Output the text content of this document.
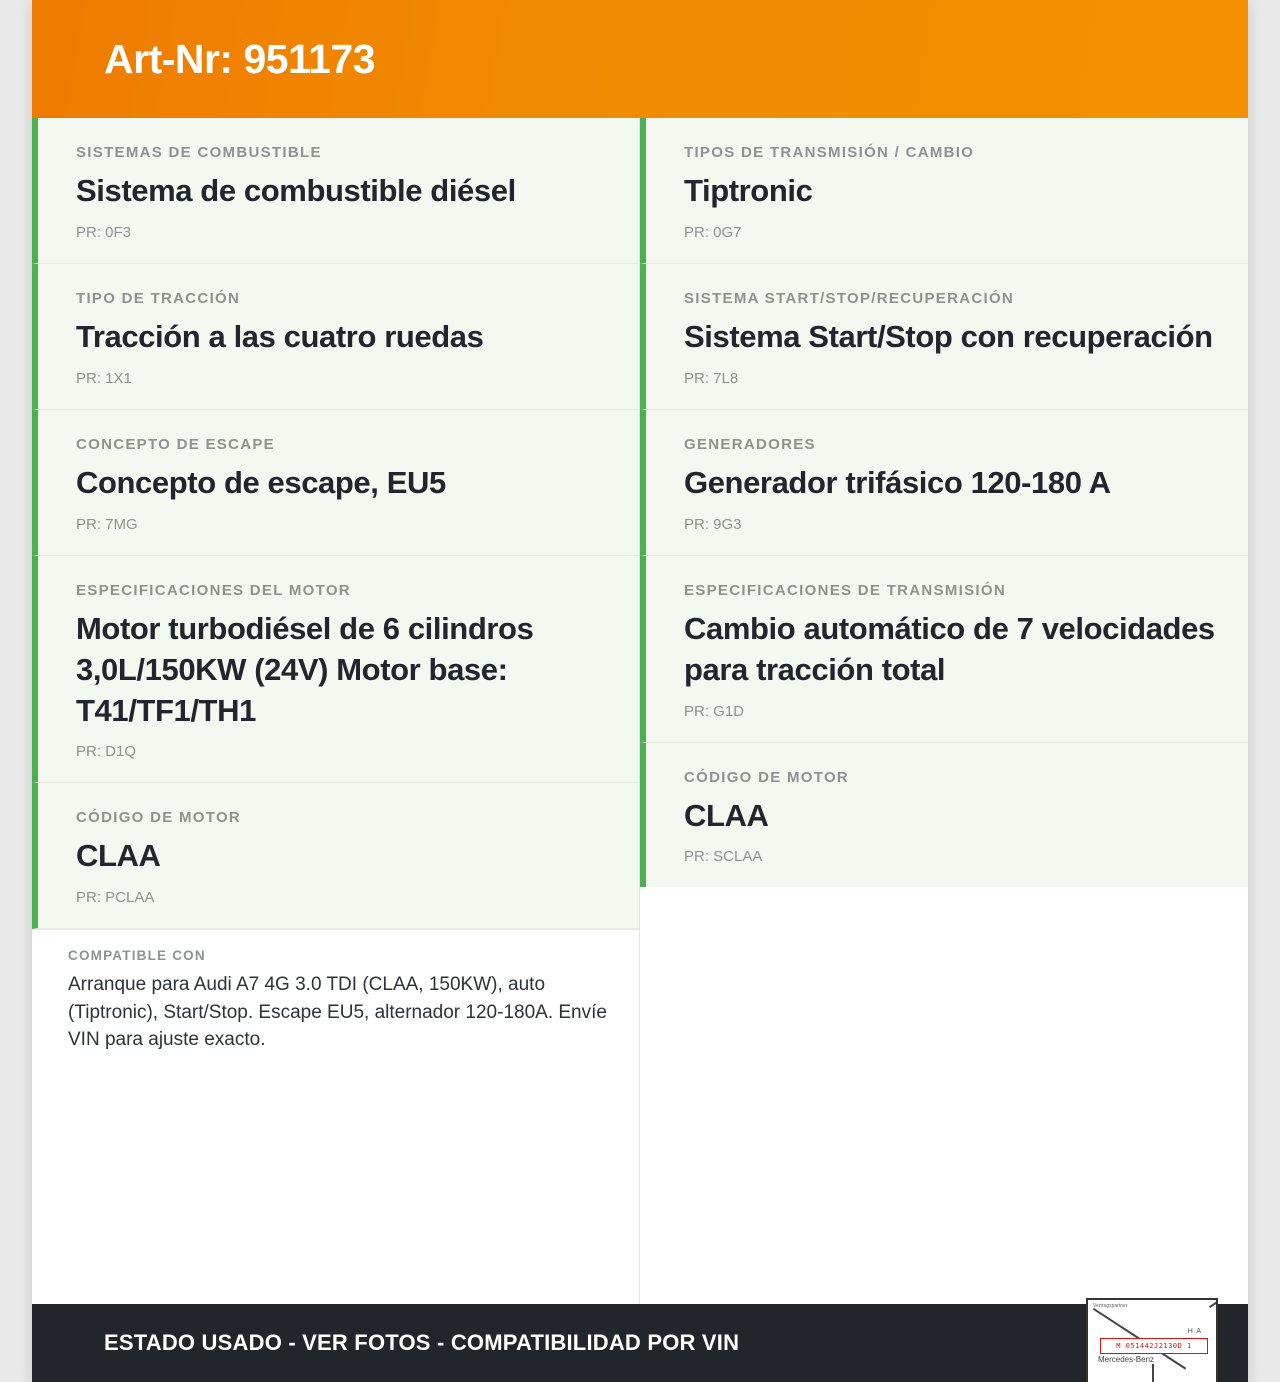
Art-Nr: 951173
SISTEMAS DE COMBUSTIBLE
Sistema de combustible diésel
PR: 0F3
TIPO DE TRACCIÓN
Tracción a las cuatro ruedas
PR: 1X1
CONCEPTO DE ESCAPE
Concepto de escape, EU5
PR: 7MG
ESPECIFICACIONES DEL MOTOR
Motor turbodiésel de 6 cilindros 3,0L/150KW (24V) Motor base: T41/TF1/TH1
PR: D1Q
CÓDIGO DE MOTOR
CLAA
PR: PCLAA
COMPATIBLE CON
Arranque para Audi A7 4G 3.0 TDI (CLAA, 150KW), auto (Tiptronic), Start/Stop. Escape EU5, alternador 120-180A. Envíe VIN para ajuste exacto.
TIPOS DE TRANSMISIÓN / CAMBIO
Tiptronic
PR: 0G7
SISTEMA START/STOP/RECUPERACIÓN
Sistema Start/Stop con recuperación
PR: 7L8
GENERADORES
Generador trifásico 120-180 A
PR: 9G3
ESPECIFICACIONES DE TRANSMISIÓN
Cambio automático de 7 velocidades para tracción total
PR: G1D
CÓDIGO DE MOTOR
CLAA
PR: SCLAA
ESTADO USADO - VER FOTOS - COMPATIBILIDAD POR VIN
Vertragspartner
H A
M 051442J2130D 1
Mercedes-Benz
